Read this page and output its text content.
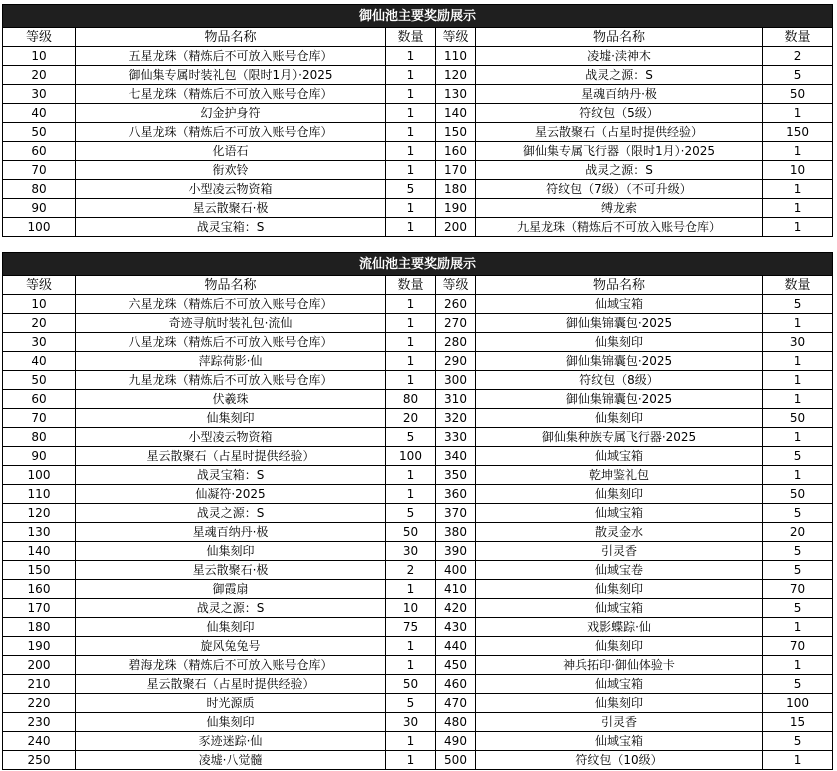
御仙池主要奖励展示					
等级	物品名称	数量	等级	物品名称	数量
10	五星龙珠（精炼后不可放入账号仓库）	1	110	凌墟·渎神木	2
20	御仙集专属时装礼包（限时1月）·2025	1	120	战灵之源：S	5
30	七星龙珠（精炼后不可放入账号仓库）	1	130	星魂百纳丹·极	50
40	幻金护身符	1	140	符纹包（5级）	1
50	八星龙珠（精炼后不可放入账号仓库）	1	150	星云散聚石（占星时提供经验）	150
60	化语石	1	160	御仙集专属飞行器（限时1月）·2025	1
70	衔欢铃	1	170	战灵之源：S	10
80	小型凌云物资箱	5	180	符纹包（7级）（不可升级）	1
90	星云散聚石·极	1	190	缚龙索	1
100	战灵宝箱：S	1	200	九星龙珠（精炼后不可放入账号仓库）	1
流仙池主要奖励展示					
等级	物品名称	数量	等级	物品名称	数量
10	六星龙珠（精炼后不可放入账号仓库）	1	260	仙域宝箱	5
20	奇迹寻航时装礼包·流仙	1	270	御仙集锦囊包·2025	1
30	八星龙珠（精炼后不可放入账号仓库）	1	280	仙集刻印	30
40	萍踪荷影·仙	1	290	御仙集锦囊包·2025	1
50	九星龙珠（精炼后不可放入账号仓库）	1	300	符纹包（8级）	1
60	伏羲珠	80	310	御仙集锦囊包·2025	1
70	仙集刻印	20	320	仙集刻印	50
80	小型凌云物资箱	5	330	御仙集种族专属飞行器·2025	1
90	星云散聚石（占星时提供经验）	100	340	仙域宝箱	5
100	战灵宝箱：S	1	350	乾坤鉴礼包	1
110	仙凝符·2025	1	360	仙集刻印	50
120	战灵之源：S	5	370	仙域宝箱	5
130	星魂百纳丹·极	50	380	散灵金水	20
140	仙集刻印	30	390	引灵香	5
150	星云散聚石·极	2	400	仙域宝卷	5
160	御霞扇	1	410	仙集刻印	70
170	战灵之源：S	10	420	仙域宝箱	5
180	仙集刻印	75	430	戏影蝶踪·仙	1
190	旋风兔兔号	1	440	仙集刻印	70
200	碧海龙珠（精炼后不可放入账号仓库）	1	450	神兵拓印·御仙体验卡	1
210	星云散聚石（占星时提供经验）	50	460	仙域宝箱	5
220	时光源质	5	470	仙集刻印	100
230	仙集刻印	30	480	引灵香	15
240	豕迹迷踪·仙	1	490	仙域宝箱	5
250	凌墟·八觉髓	1	500	符纹包（10级）	1
